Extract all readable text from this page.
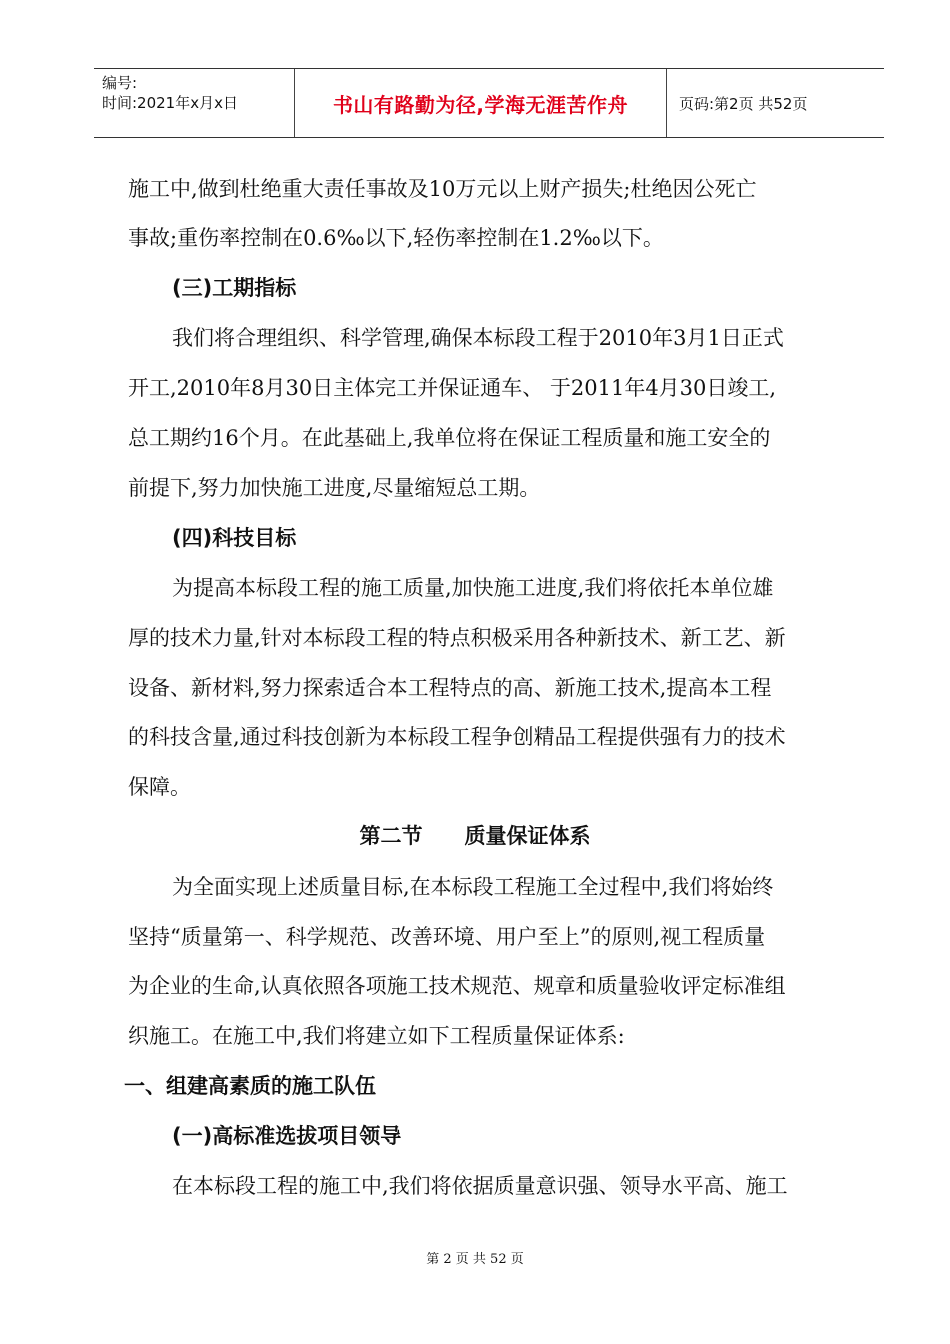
编号:
时间:2021年x月x日	书山有路勤为径,学海无涯苦作舟	页码:第2页 共52页
施工中,做到杜绝重大责任事故及10万元以上财产损失;杜绝因公死亡
事故;重伤率控制在0.6‰以下,轻伤率控制在1.2‰以下。
(三)工期指标
我们将合理组织、科学管理,确保本标段工程于2010年3月1日正式
开工,2010年8月30日主体完工并保证通车、 于2011年4月30日竣工,
总工期约16个月。在此基础上,我单位将在保证工程质量和施工安全的
前提下,努力加快施工进度,尽量缩短总工期。
(四)科技目标
为提高本标段工程的施工质量,加快施工进度,我们将依托本单位雄
厚的技术力量,针对本标段工程的特点积极采用各种新技术、新工艺、新
设备、新材料,努力探索适合本工程特点的高、新施工技术,提高本工程
的科技含量,通过科技创新为本标段工程争创精品工程提供强有力的技术
保障。
第二节　　质量保证体系
为全面实现上述质量目标,在本标段工程施工全过程中,我们将始终
坚持“质量第一、科学规范、改善环境、用户至上”的原则,视工程质量
为企业的生命,认真依照各项施工技术规范、规章和质量验收评定标准组
织施工。在施工中,我们将建立如下工程质量保证体系:
一、组建高素质的施工队伍
(一)高标准选拔项目领导
在本标段工程的施工中,我们将依据质量意识强、领导水平高、施工
第 2 页 共 52 页
